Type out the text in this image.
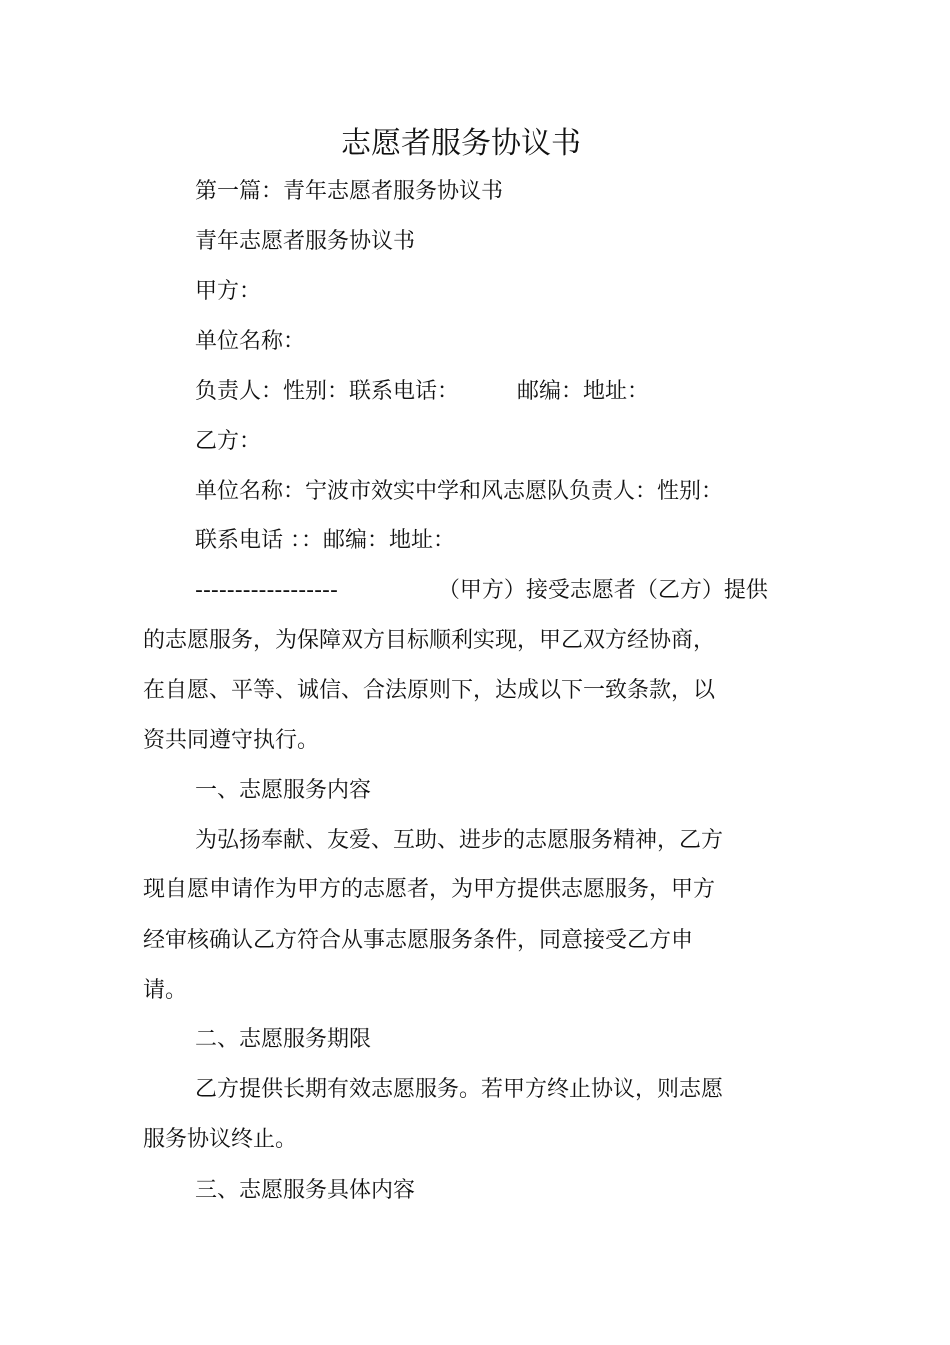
志愿者服务协议书

第一篇：青年志愿者服务协议书

青年志愿者服务协议书

甲方：

单位名称：

负责人：性别：联系电话：	邮编：地址：

乙方：

单位名称：宁波市效实中学和风志愿队负责人：性别：

联系电话 ：：邮编：地址：

------------------	（甲方）接受志愿者（乙方）提供

的志愿服务，为保障双方目标顺利实现，甲乙双方经协商，

在自愿、平等、诚信、合法原则下，达成以下一致条款，以

资共同遵守执行。

一、志愿服务内容

为弘扬奉献、友爱、互助、进步的志愿服务精神，乙方

现自愿申请作为甲方的志愿者，为甲方提供志愿服务，甲方

经审核确认乙方符合从事志愿服务条件，同意接受乙方申

请。

二、志愿服务期限

乙方提供长期有效志愿服务。若甲方终止协议，则志愿

服务协议终止。

三、志愿服务具体内容
